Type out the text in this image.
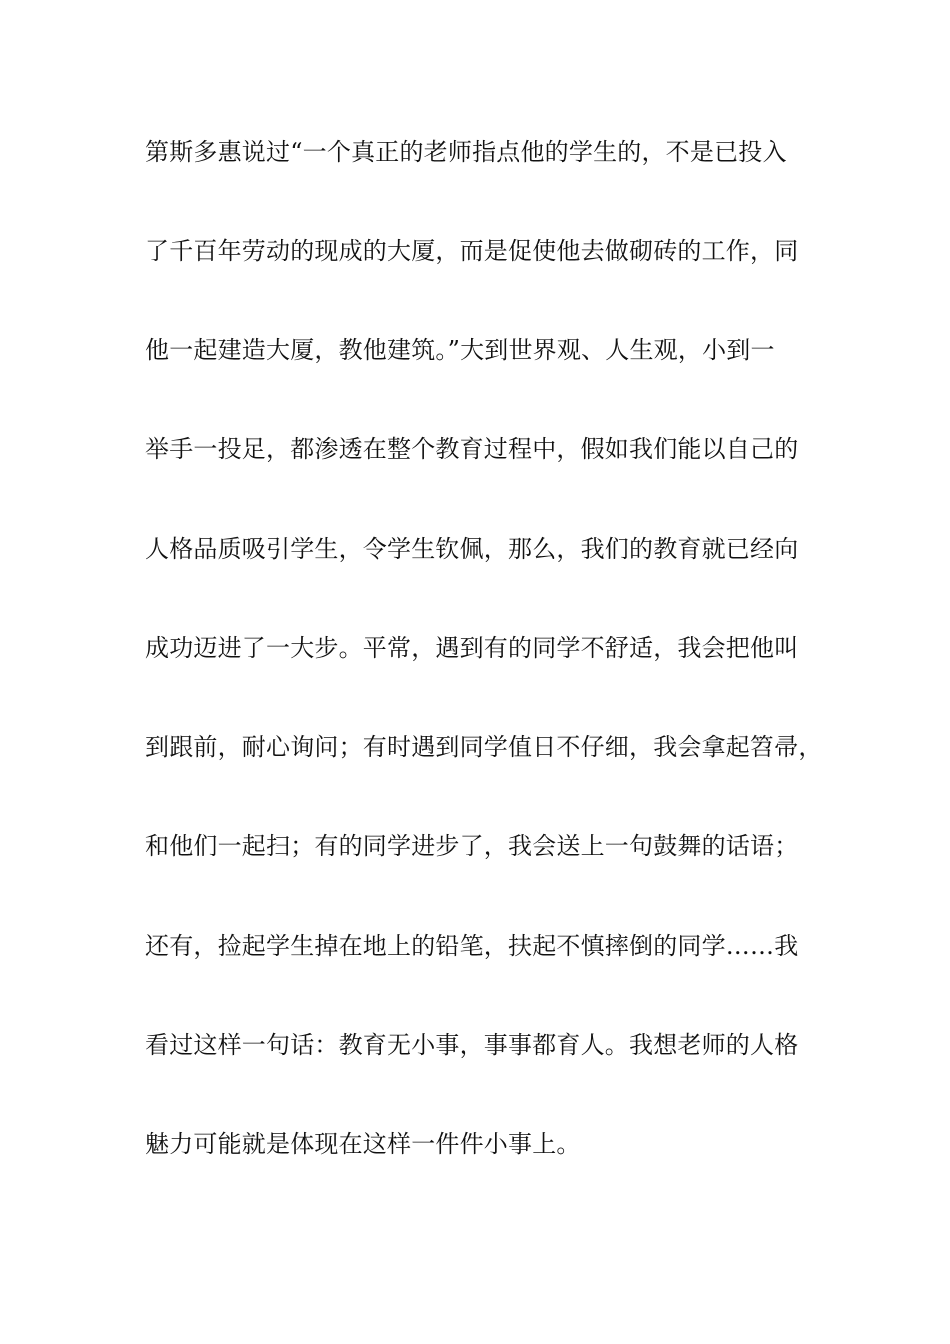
第斯多惠说过“一个真正的老师指点他的学生的，不是已投入

了千百年劳动的现成的大厦，而是促使他去做砌砖的工作，同

他一起建造大厦，教他建筑。”大到世界观、人生观，小到一

举手一投足，都渗透在整个教育过程中，假如我们能以自己的

人格品质吸引学生，令学生钦佩，那么，我们的教育就已经向

成功迈进了一大步。平常，遇到有的同学不舒适，我会把他叫

到跟前，耐心询问；有时遇到同学值日不仔细，我会拿起笤帚，

和他们一起扫；有的同学进步了，我会送上一句鼓舞的话语；

还有，捡起学生掉在地上的铅笔，扶起不慎摔倒的同学……我

看过这样一句话：教育无小事，事事都育人。我想老师的人格

魅力可能就是体现在这样一件件小事上。
